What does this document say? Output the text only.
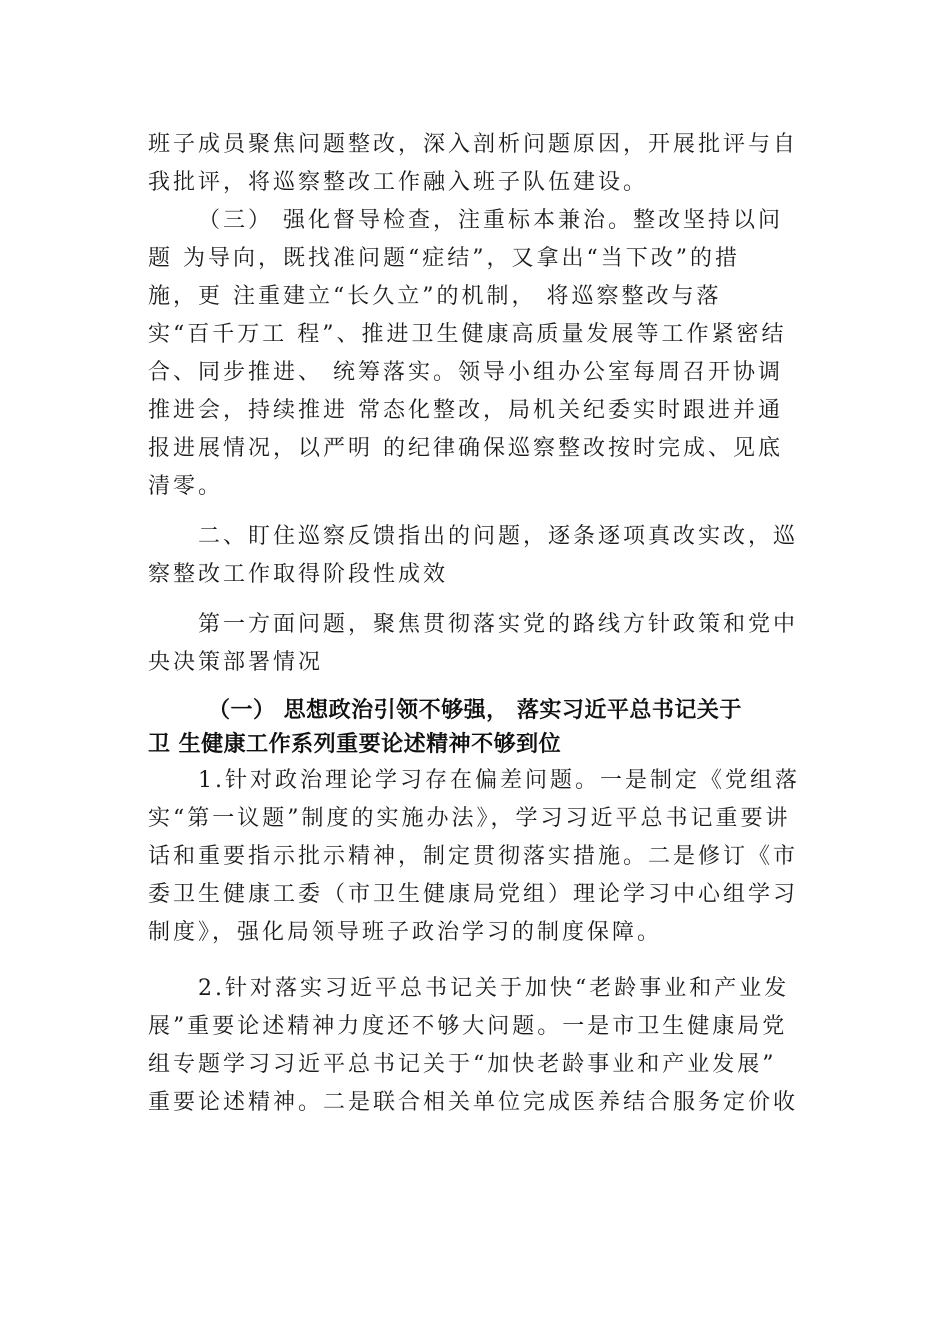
班子成员聚焦问题整改，深入剖析问题原因，开展批评与自
我批评，将巡察整改工作融入班子队伍建设。
（三） 强化督导检查，注重标本兼治。整改坚持以问
题 为导向，既找准问题“症结”，又拿出“当下改”的措
施，更 注重建立“长久立”的机制， 将巡察整改与落
实“百千万工 程”、推进卫生健康高质量发展等工作紧密结
合、同步推进、 统筹落实。领导小组办公室每周召开协调
推进会，持续推进 常态化整改，局机关纪委实时跟进并通
报进展情况，以严明 的纪律确保巡察整改按时完成、见底
清零。
二、盯住巡察反馈指出的问题，逐条逐项真改实改，巡
察整改工作取得阶段性成效
第一方面问题，聚焦贯彻落实党的路线方针政策和党中
央决策部署情况
（一） 思想政治引领不够强， 落实习近平总书记关于
卫 生健康工作系列重要论述精神不够到位
1.针对政治理论学习存在偏差问题。一是制定《党组落
实“第一议题”制度的实施办法》，学习习近平总书记重要讲
话和重要指示批示精神，制定贯彻落实措施。二是修订《市
委卫生健康工委（市卫生健康局党组）理论学习中心组学习
制度》，强化局领导班子政治学习的制度保障。
2.针对落实习近平总书记关于加快“老龄事业和产业发
展”重要论述精神力度还不够大问题。一是市卫生健康局党
组专题学习习近平总书记关于“加快老龄事业和产业发展”
重要论述精神。二是联合相关单位完成医养结合服务定价收
